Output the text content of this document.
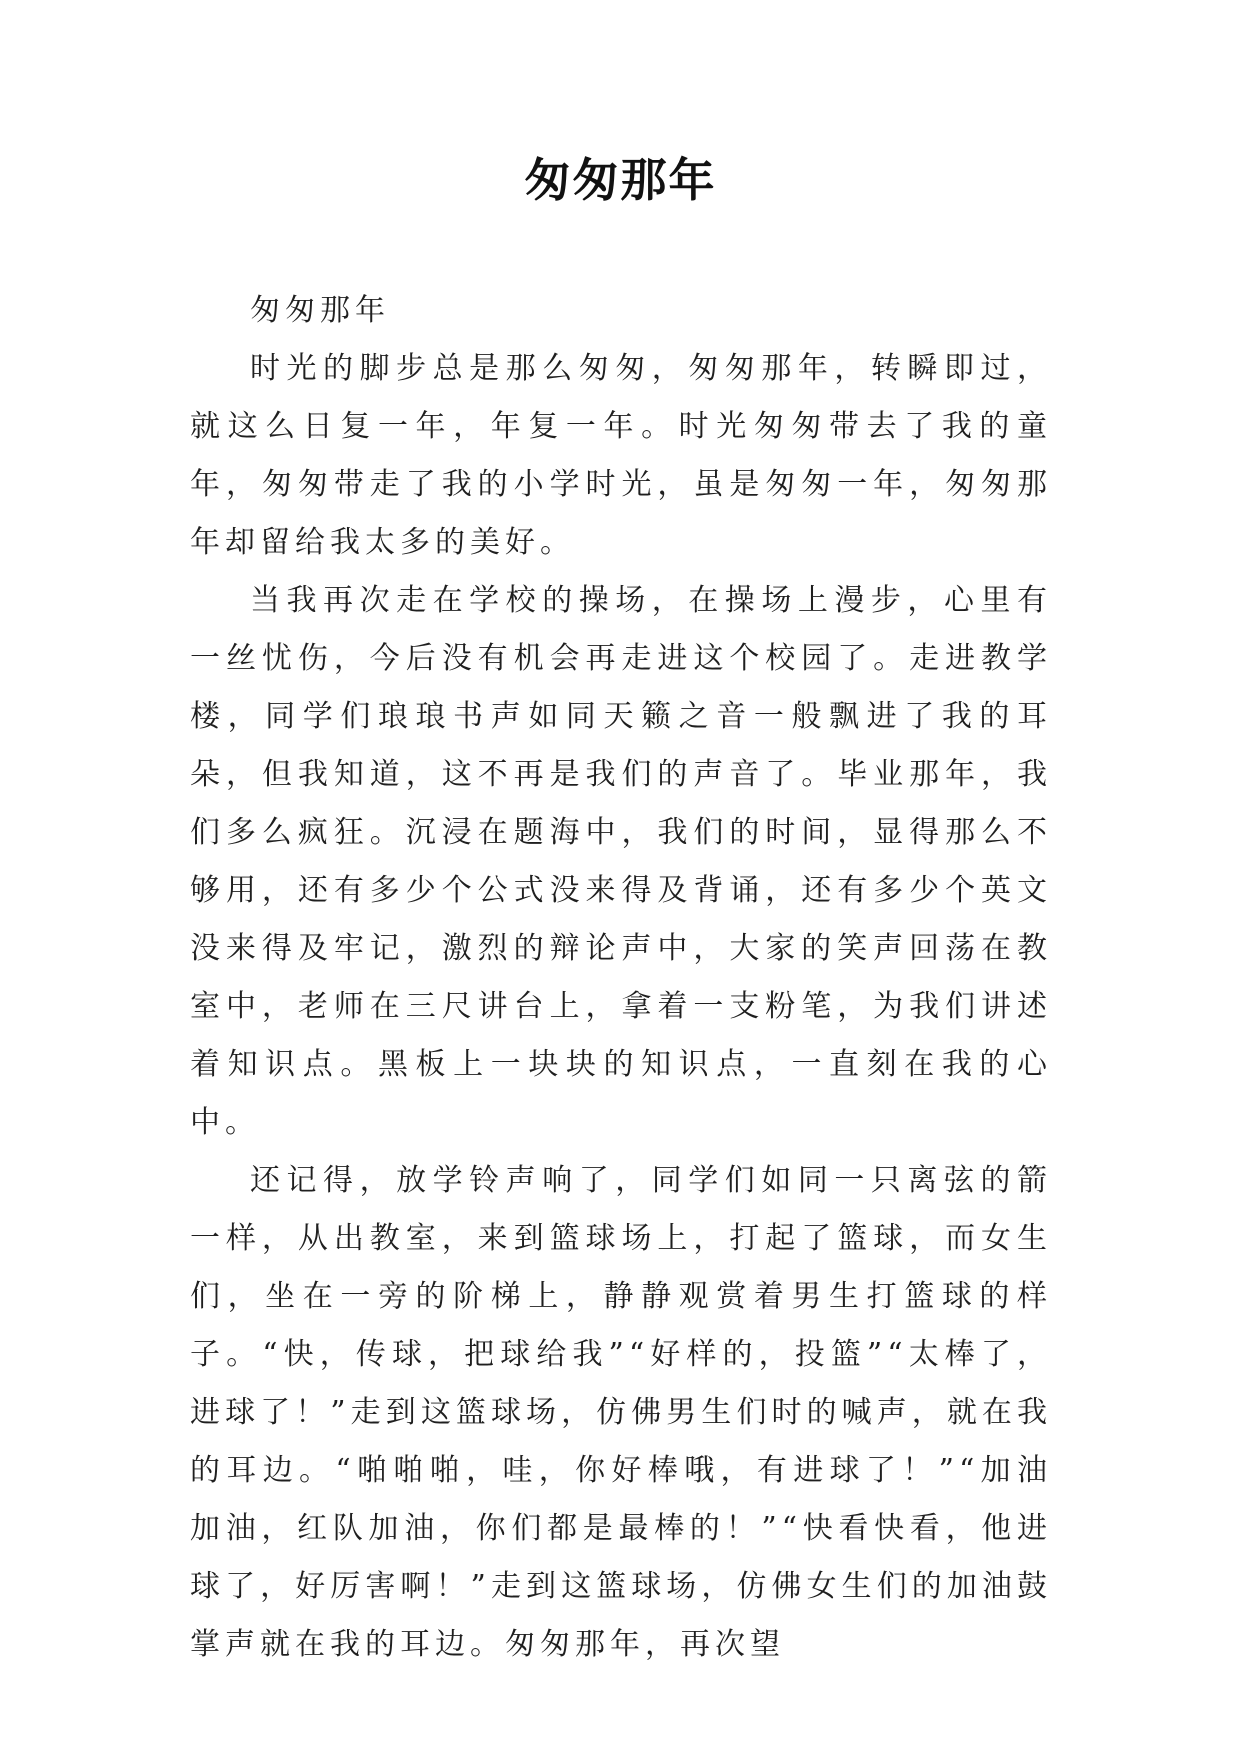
匆匆那年

匆匆那年

时光的脚步总是那么匆匆，匆匆那年，转瞬即过，就这么日复一年，年复一年。时光匆匆带去了我的童年，匆匆带走了我的小学时光，虽是匆匆一年，匆匆那年却留给我太多的美好。

当我再次走在学校的操场，在操场上漫步，心里有一丝忧伤，今后没有机会再走进这个校园了。走进教学楼，同学们琅琅书声如同天籁之音一般飘进了我的耳朵，但我知道，这不再是我们的声音了。毕业那年，我们多么疯狂。沉浸在题海中，我们的时间，显得那么不够用，还有多少个公式没来得及背诵，还有多少个英文没来得及牢记，激烈的辩论声中，大家的笑声回荡在教室中，老师在三尺讲台上，拿着一支粉笔，为我们讲述着知识点。黑板上一块块的知识点，一直刻在我的心中。

还记得，放学铃声响了，同学们如同一只离弦的箭一样，从出教室，来到篮球场上，打起了篮球，而女生们，坐在一旁的阶梯上，静静观赏着男生打篮球的样子。“快，传球，把球给我”“好样的，投篮”“太棒了，进球了！”走到这篮球场，仿佛男生们时的喊声，就在我的耳边。“啪啪啪，哇，你好棒哦，有进球了！”“加油加油，红队加油，你们都是最棒的！”“快看快看，他进球了，好厉害啊！”走到这篮球场，仿佛女生们的加油鼓掌声就在我的耳边。匆匆那年，再次望
